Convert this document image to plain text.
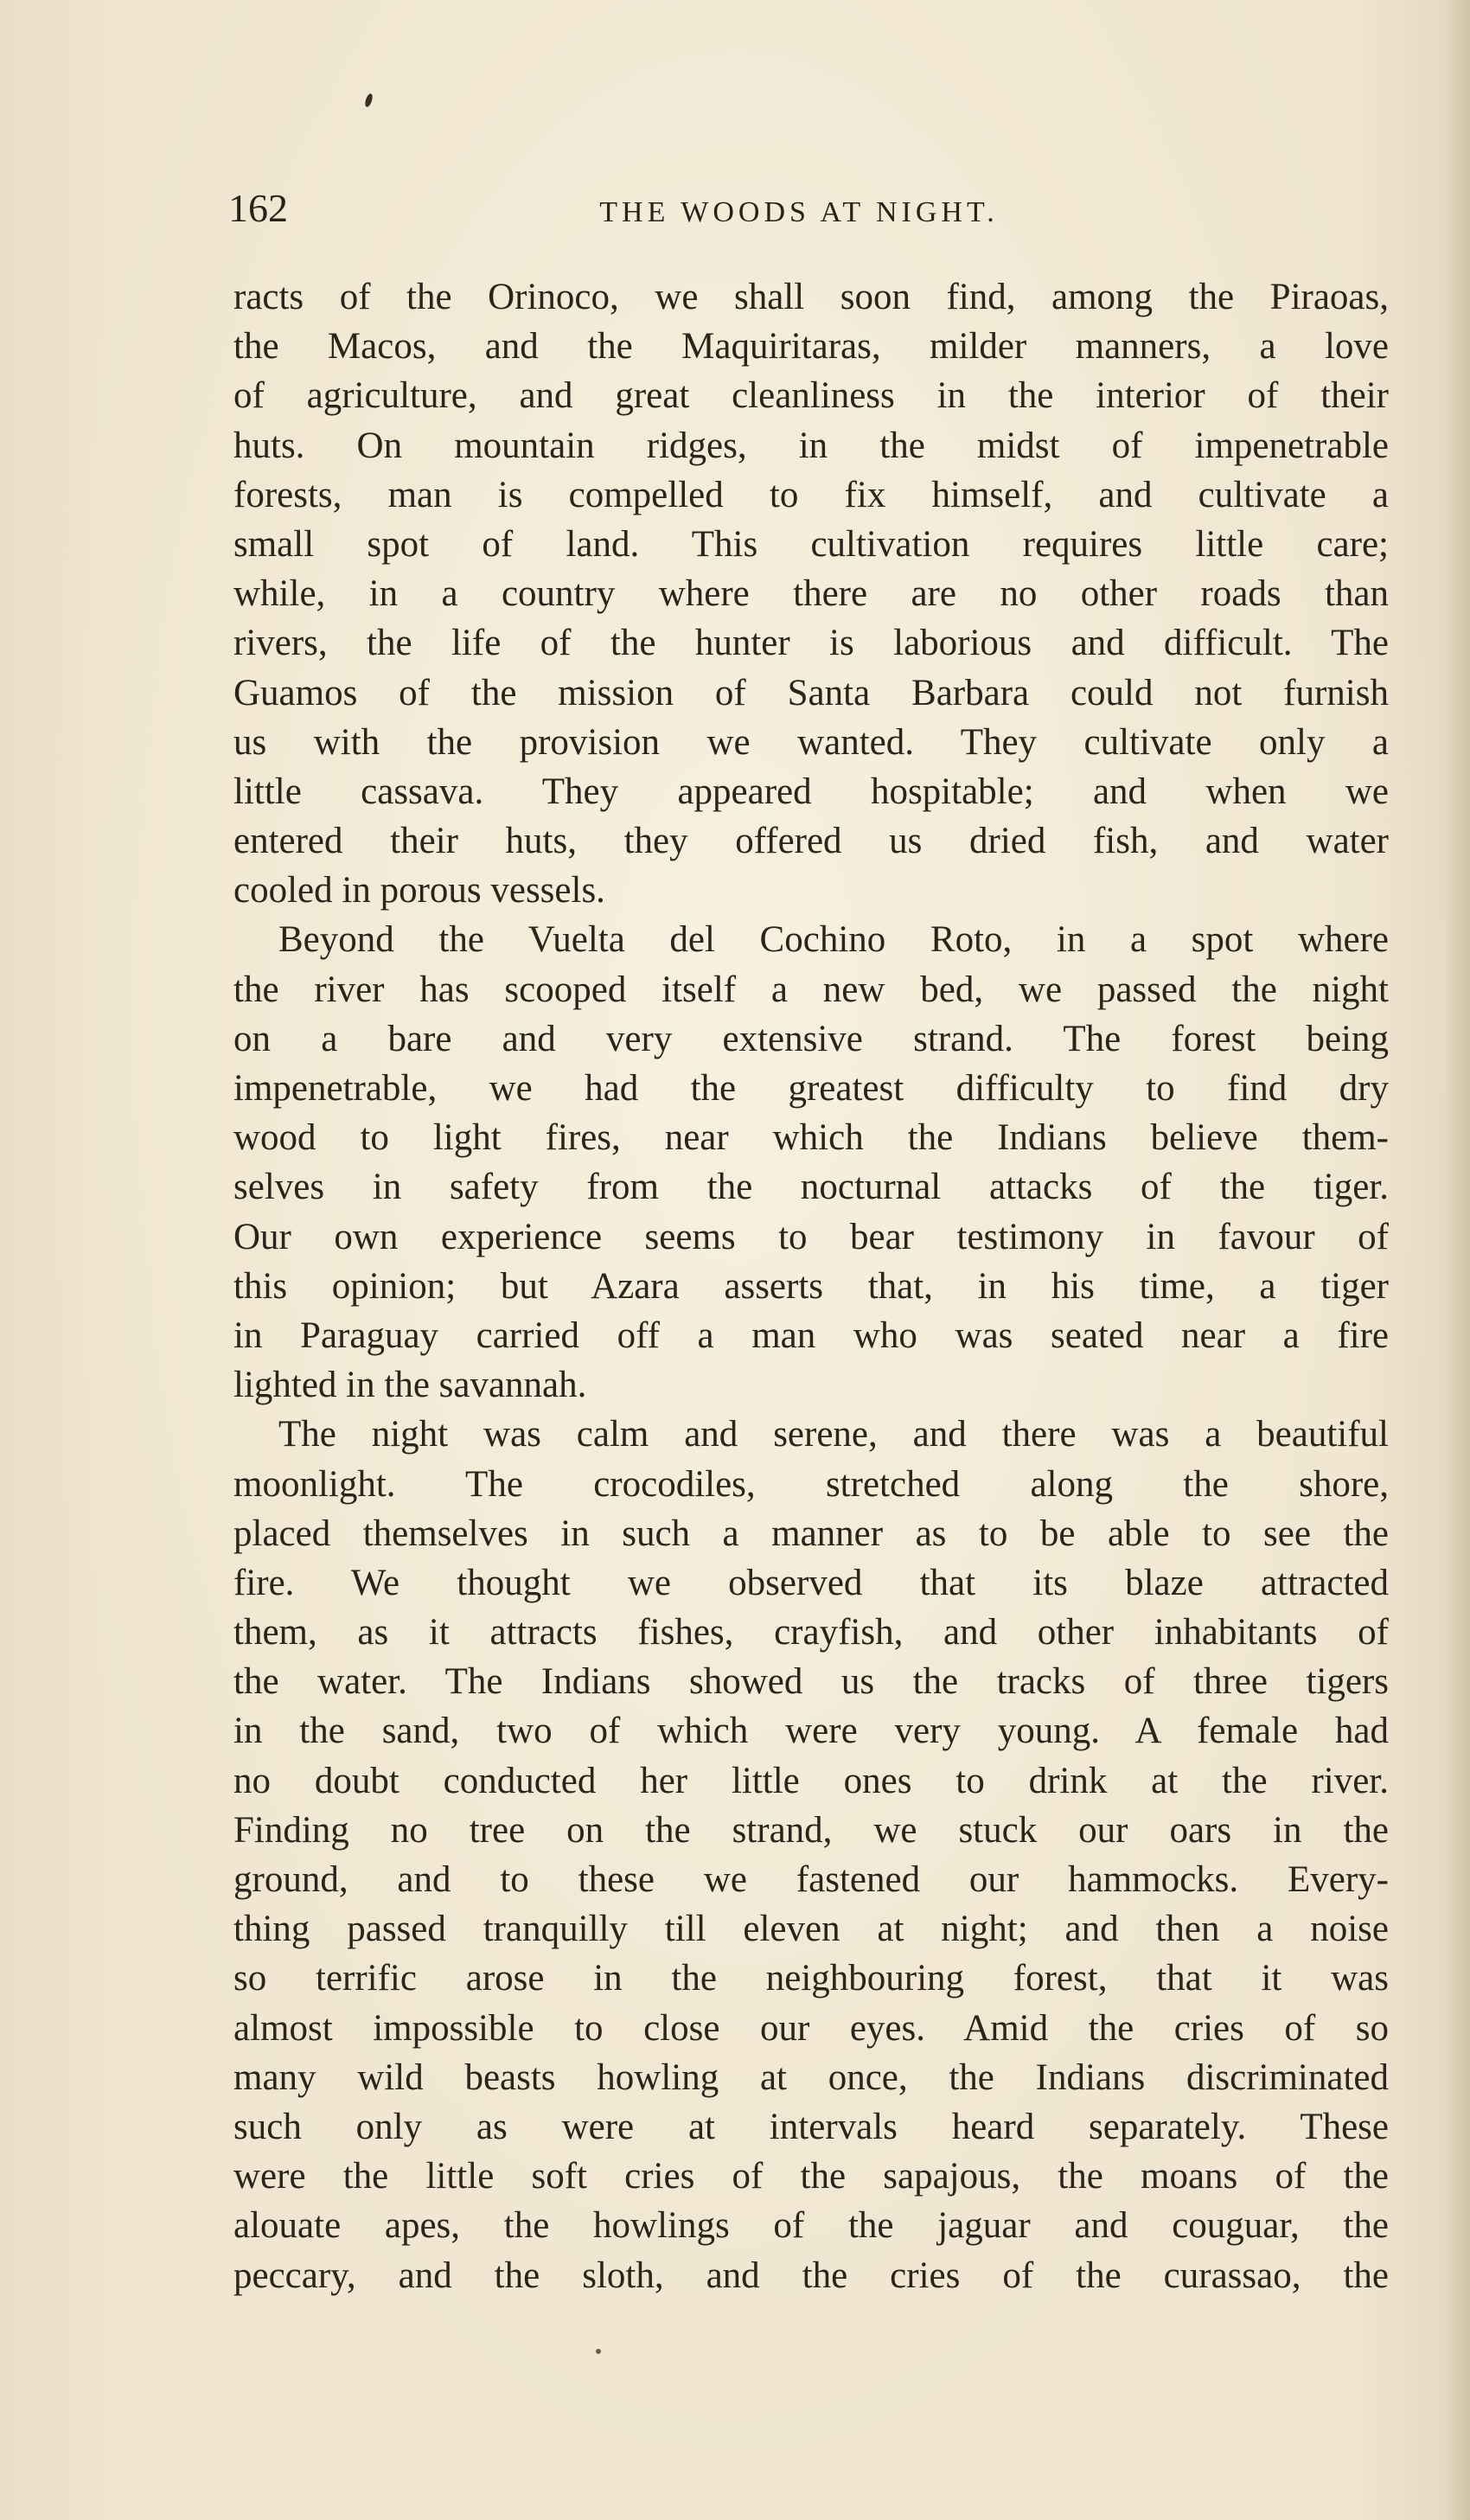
162	THE WOODS AT NIGHT.

racts of the Orinoco, we shall soon find, among the Piraoas,
the Macos, and the Maquiritaras, milder manners, a love
of agriculture, and great cleanliness in the interior of their
huts. On mountain ridges, in the midst of impenetrable
forests, man is compelled to fix himself, and cultivate a
small spot of land. This cultivation requires little care;
while, in a country where there are no other roads than
rivers, the life of the hunter is laborious and difficult. The
Guamos of the mission of Santa Barbara could not furnish
us with the provision we wanted. They cultivate only a
little cassava. They appeared hospitable; and when we
entered their huts, they offered us dried fish, and water
cooled in porous vessels.

Beyond the Vuelta del Cochino Roto, in a spot where
the river has scooped itself a new bed, we passed the night
on a bare and very extensive strand. The forest being
impenetrable, we had the greatest difficulty to find dry
wood to light fires, near which the Indians believe them-
selves in safety from the nocturnal attacks of the tiger.
Our own experience seems to bear testimony in favour of
this opinion; but Azara asserts that, in his time, a tiger
in Paraguay carried off a man who was seated near a fire
lighted in the savannah.

The night was calm and serene, and there was a beautiful
moonlight. The crocodiles, stretched along the shore,
placed themselves in such a manner as to be able to see the
fire. We thought we observed that its blaze attracted
them, as it attracts fishes, crayfish, and other inhabitants of
the water. The Indians showed us the tracks of three tigers
in the sand, two of which were very young. A female had
no doubt conducted her little ones to drink at the river.
Finding no tree on the strand, we stuck our oars in the
ground, and to these we fastened our hammocks. Every-
thing passed tranquilly till eleven at night; and then a noise
so terrific arose in the neighbouring forest, that it was
almost impossible to close our eyes. Amid the cries of so
many wild beasts howling at once, the Indians discriminated
such only as were at intervals heard separately. These
were the little soft cries of the sapajous, the moans of the
alouate apes, the howlings of the jaguar and couguar, the
peccary, and the sloth, and the cries of the curassao, the
